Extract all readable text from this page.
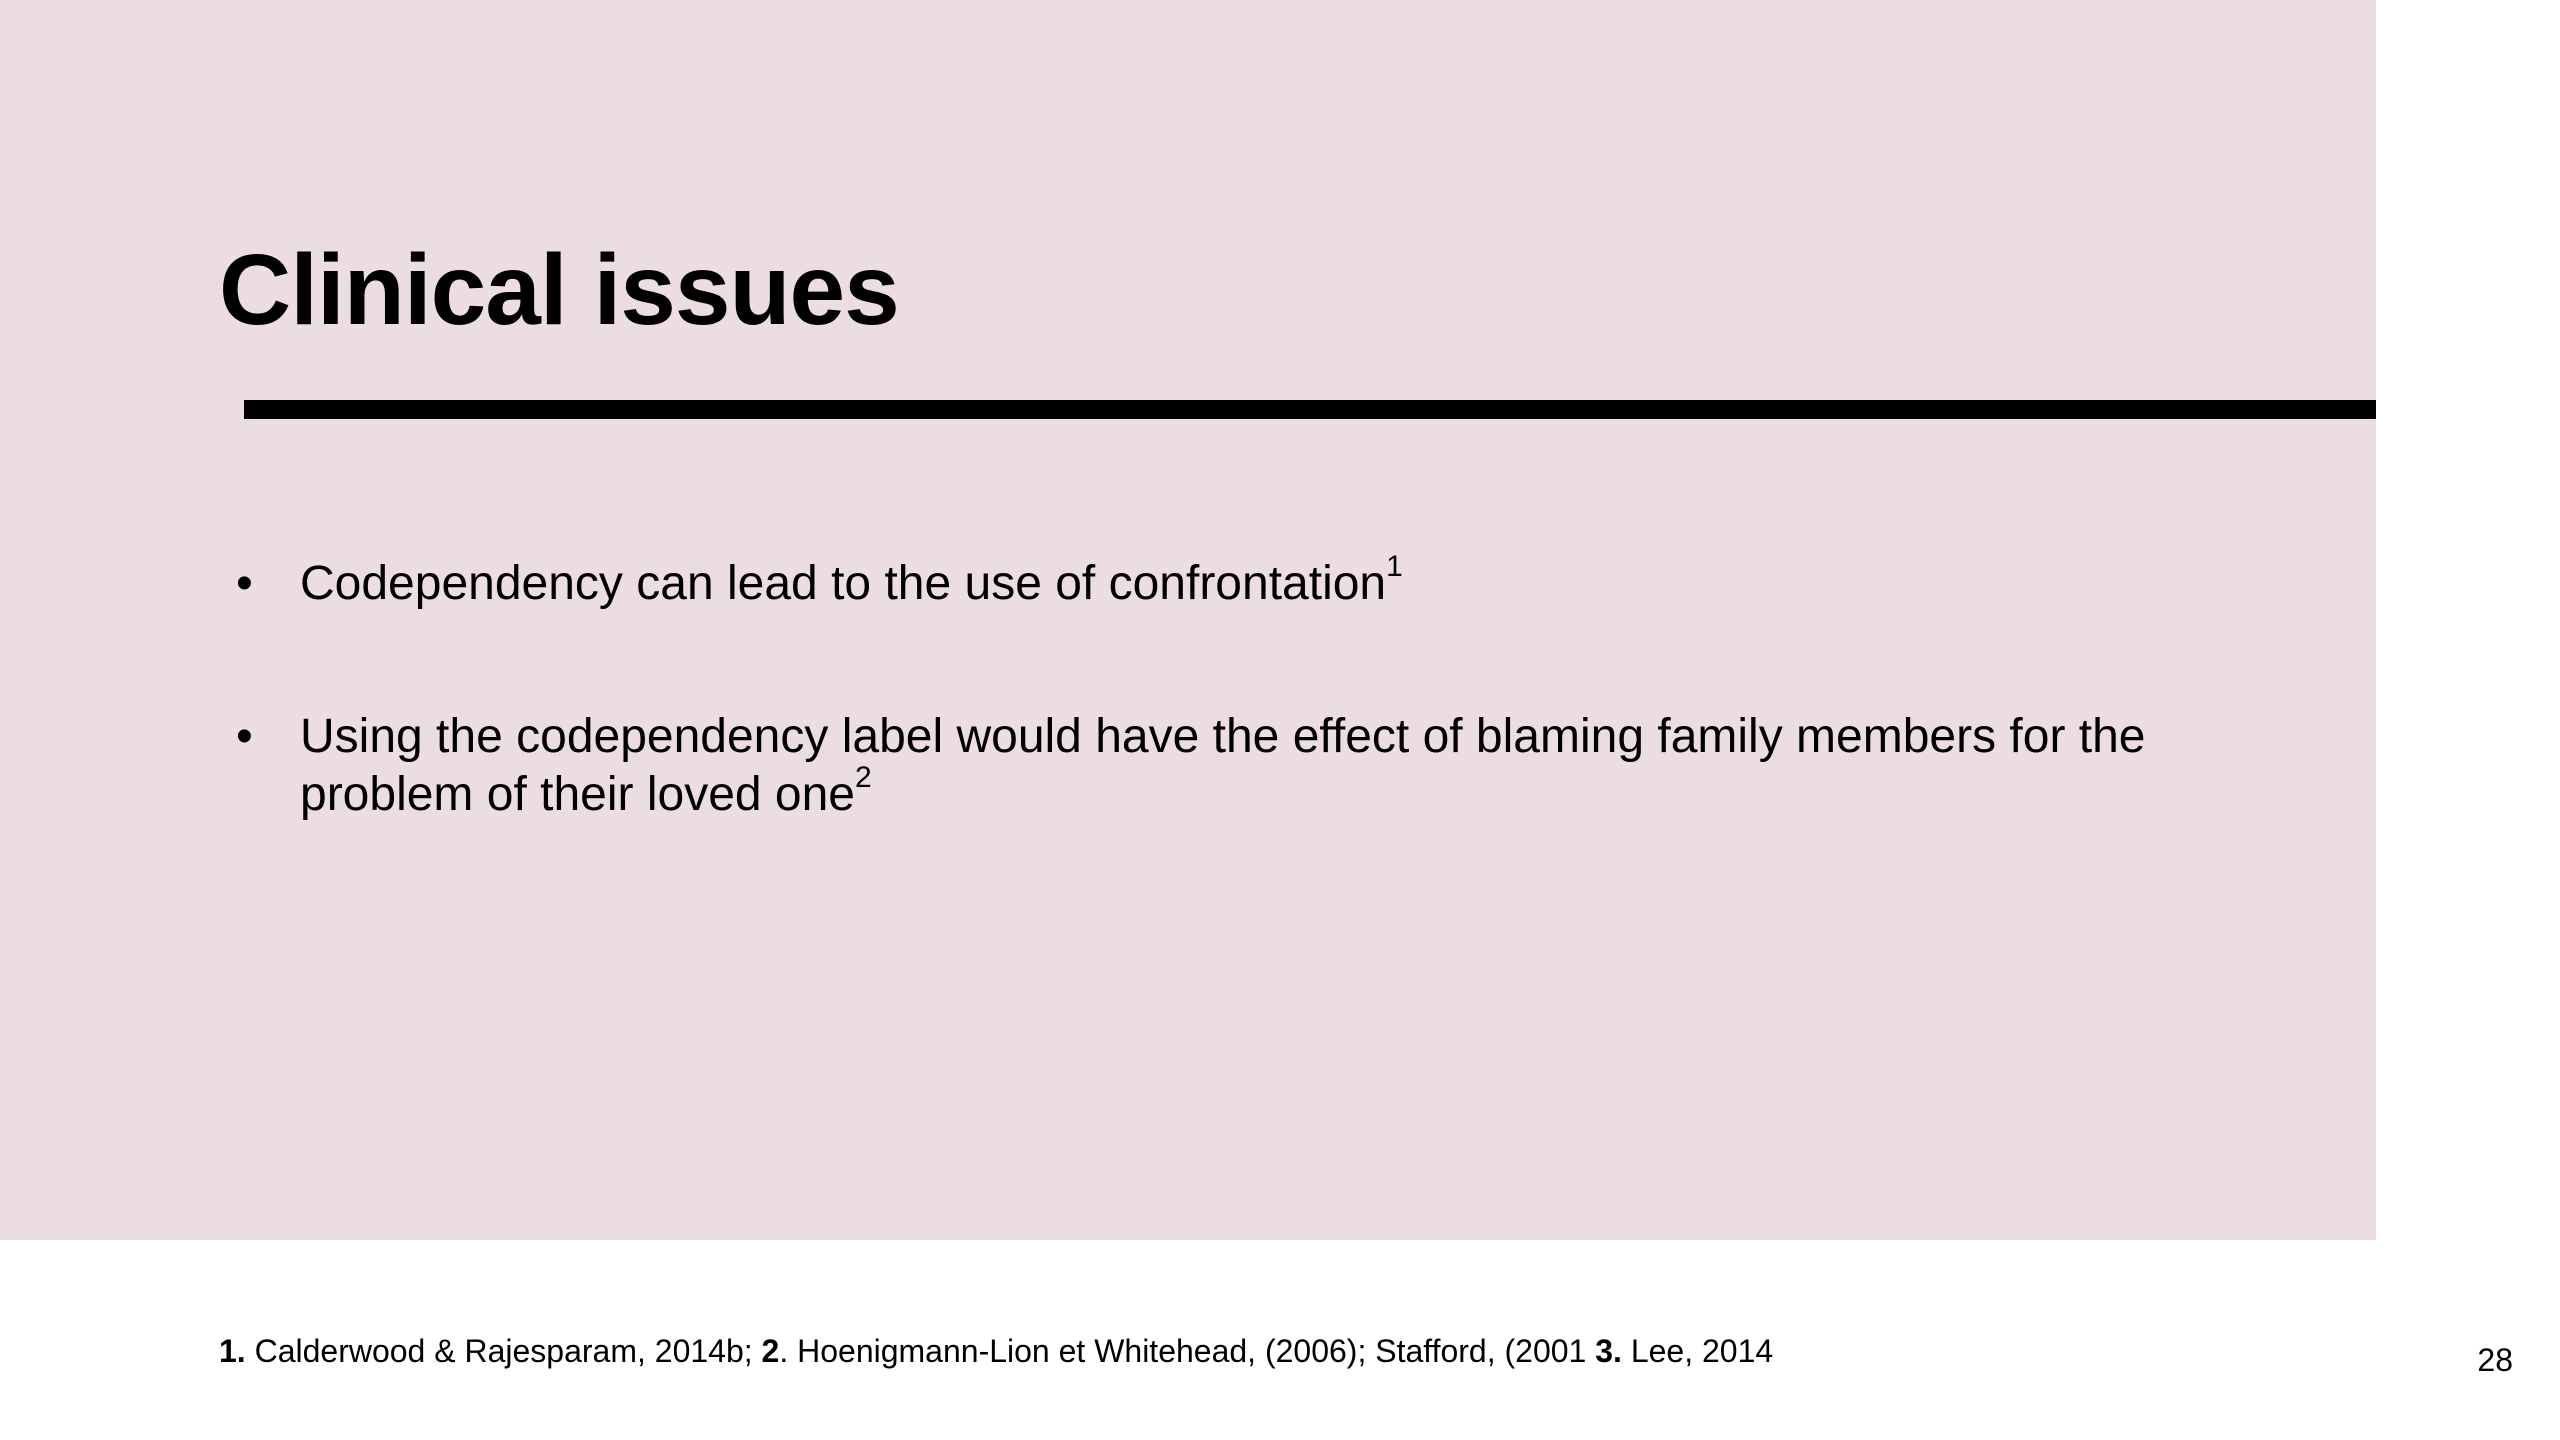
Clinical issues
• Codependency can lead to the use of confrontation$^1$
• Using the codependency label would have the effect of blaming family members for the problem of their loved one$^2$
1. Calderwood & Rajesparam, 2014b; 2. Hoenigmann-Lion et Whitehead, (2006); Stafford, (2001 3. Lee, 2014	28
